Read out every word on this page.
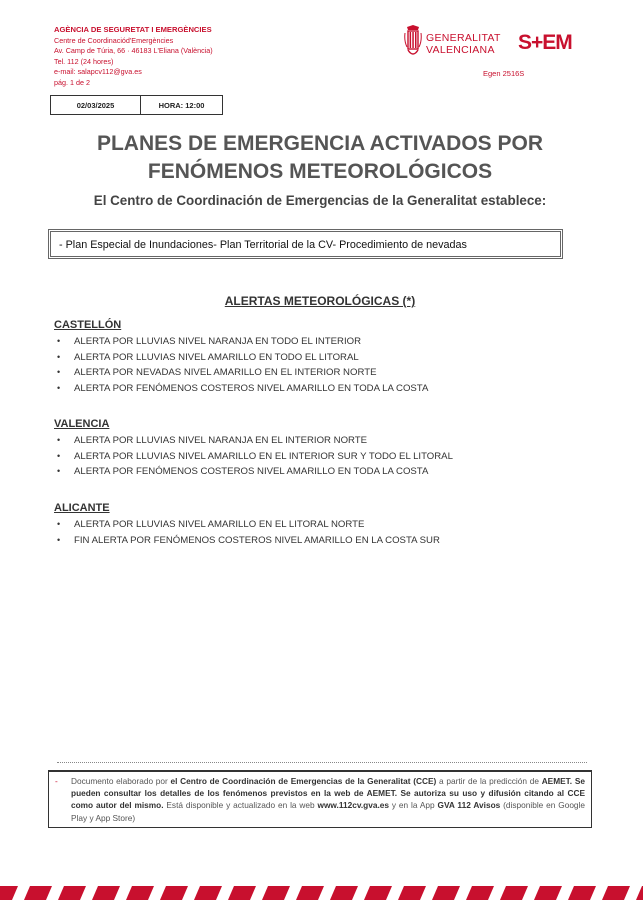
AGÈNCIA DE SEGURETAT I EMERGÈNCIES
Centre de Coordinaciód'Emergències
Av. Camp de Túria, 66 · 46183 L'Eliana (València)
Tel. 112 (24 hores)
e-mail: salapcv112@gva.es
pág. 1 de 2
GENERALITAT
VALENCIANA S+EM
Egen 2516S
02/03/2025	HORA: 12:00
PLANES DE EMERGENCIA ACTIVADOS POR
FENÓMENOS METEOROLÓGICOS
El Centro de Coordinación de Emergencias de la Generalitat establece:
- Plan Especial de Inundaciones- Plan Territorial de la CV- Procedimiento de nevadas
ALERTAS METEOROLÓGICAS (*)
CASTELLÓN
• ALERTA POR LLUVIAS NIVEL NARANJA EN TODO EL INTERIOR
• ALERTA POR LLUVIAS NIVEL AMARILLO EN TODO EL LITORAL
• ALERTA POR NEVADAS NIVEL AMARILLO EN EL INTERIOR NORTE
• ALERTA POR FENÓMENOS COSTEROS NIVEL AMARILLO EN TODA LA COSTA
VALENCIA
• ALERTA POR LLUVIAS NIVEL NARANJA EN EL INTERIOR NORTE
• ALERTA POR LLUVIAS NIVEL AMARILLO EN EL INTERIOR SUR Y TODO EL LITORAL
• ALERTA POR FENÓMENOS COSTEROS NIVEL AMARILLO EN TODA LA COSTA
ALICANTE
• ALERTA POR LLUVIAS NIVEL AMARILLO EN EL LITORAL NORTE
• FIN ALERTA POR FENÓMENOS COSTEROS NIVEL AMARILLO EN LA COSTA SUR
- Documento elaborado por el Centro de Coordinación de Emergencias de la Generalitat (CCE) a partir de la predicción de AEMET. Se pueden consultar los detalles de los fenómenos previstos en la web de AEMET. Se autoriza su uso y difusión citando al CCE como autor del mismo. Está disponible y actualizado en la web www.112cv.gva.es y en la App GVA 112 Avisos (disponible en Google Play y App Store)
